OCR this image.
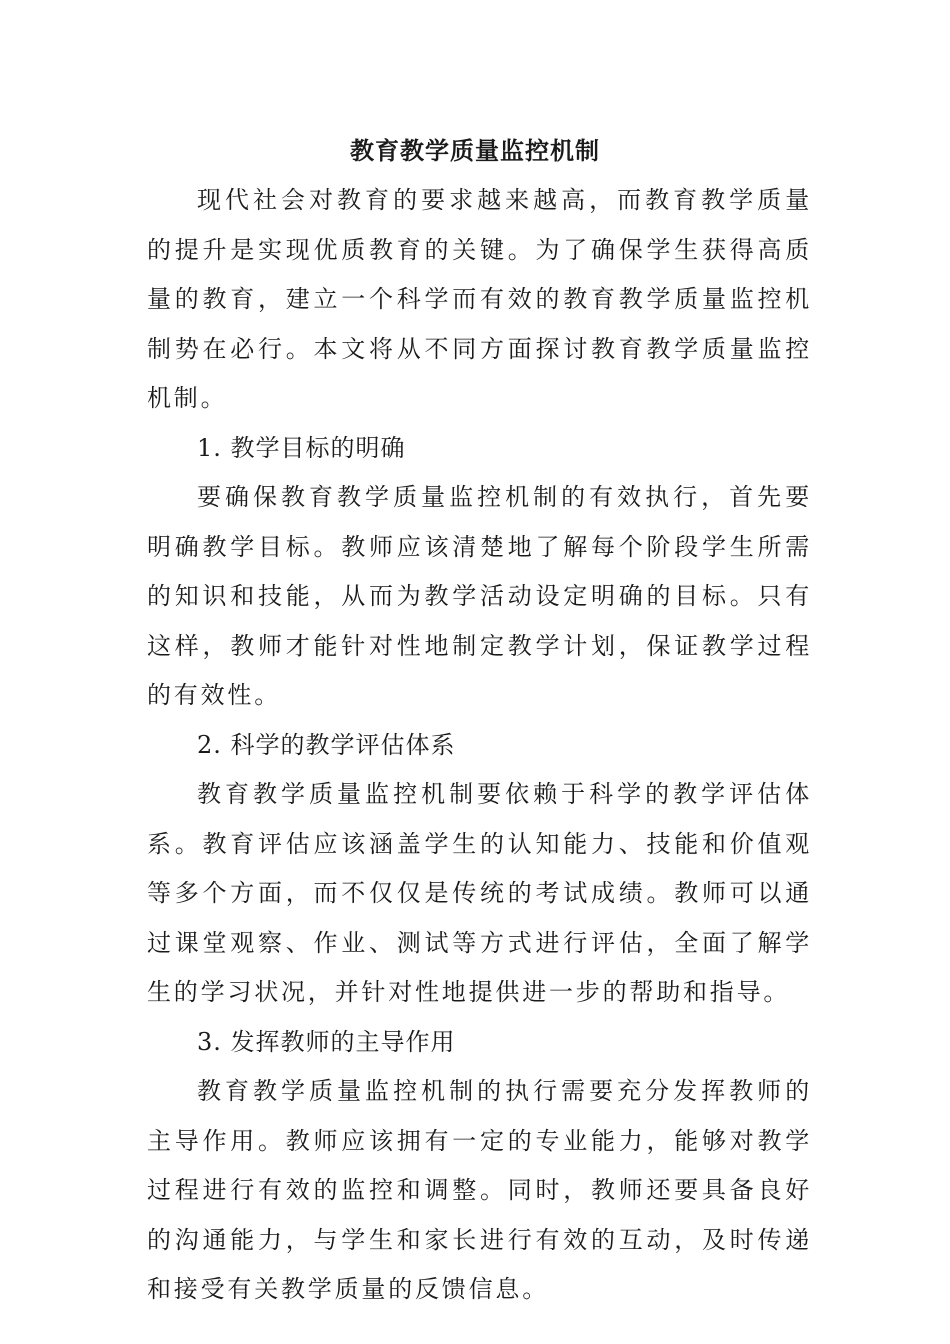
教育教学质量监控机制

现代社会对教育的要求越来越高，而教育教学质量的提升是实现优质教育的关键。为了确保学生获得高质量的教育，建立一个科学而有效的教育教学质量监控机制势在必行。本文将从不同方面探讨教育教学质量监控机制。

1. 教学目标的明确

要确保教育教学质量监控机制的有效执行，首先要明确教学目标。教师应该清楚地了解每个阶段学生所需的知识和技能，从而为教学活动设定明确的目标。只有这样，教师才能针对性地制定教学计划，保证教学过程的有效性。

2. 科学的教学评估体系

教育教学质量监控机制要依赖于科学的教学评估体系。教育评估应该涵盖学生的认知能力、技能和价值观等多个方面，而不仅仅是传统的考试成绩。教师可以通过课堂观察、作业、测试等方式进行评估，全面了解学生的学习状况，并针对性地提供进一步的帮助和指导。

3. 发挥教师的主导作用

教育教学质量监控机制的执行需要充分发挥教师的主导作用。教师应该拥有一定的专业能力，能够对教学过程进行有效的监控和调整。同时，教师还要具备良好的沟通能力，与学生和家长进行有效的互动，及时传递和接受有关教学质量的反馈信息。
